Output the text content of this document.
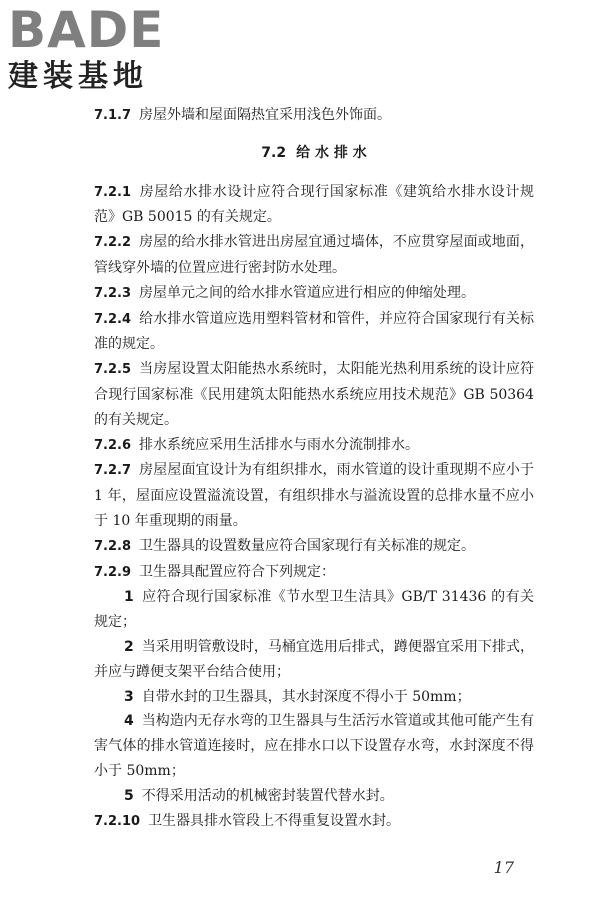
BADE
建装基地

7.1.7 房屋外墙和屋面隔热宜采用浅色外饰面。

7.2 给 水 排 水

7.2.1 房屋给水排水设计应符合现行国家标准《建筑给水排水设计规范》GB 50015 的有关规定。

7.2.2 房屋的给水排水管进出房屋宜通过墙体，不应贯穿屋面或地面，管线穿外墙的位置应进行密封防水处理。

7.2.3 房屋单元之间的给水排水管道应进行相应的伸缩处理。

7.2.4 给水排水管道应选用塑料管材和管件，并应符合国家现行有关标准的规定。

7.2.5 当房屋设置太阳能热水系统时，太阳能光热利用系统的设计应符合现行国家标准《民用建筑太阳能热水系统应用技术规范》GB 50364 的有关规定。

7.2.6 排水系统应采用生活排水与雨水分流制排水。

7.2.7 房屋屋面宜设计为有组织排水，雨水管道的设计重现期不应小于 1 年，屋面应设置溢流设置，有组织排水与溢流设置的总排水量不应小于 10 年重现期的雨量。

7.2.8 卫生器具的设置数量应符合国家现行有关标准的规定。

7.2.9 卫生器具配置应符合下列规定：

1 应符合现行国家标准《节水型卫生洁具》GB/T 31436 的有关规定；

2 当采用明管敷设时，马桶宜选用后排式，蹲便器宜采用下排式，并应与蹲便支架平台结合使用；

3 自带水封的卫生器具，其水封深度不得小于 50mm；

4 当构造内无存水弯的卫生器具与生活污水管道或其他可能产生有害气体的排水管道连接时，应在排水口以下设置存水弯，水封深度不得小于 50mm；

5 不得采用活动的机械密封装置代替水封。

7.2.10 卫生器具排水管段上不得重复设置水封。

17
